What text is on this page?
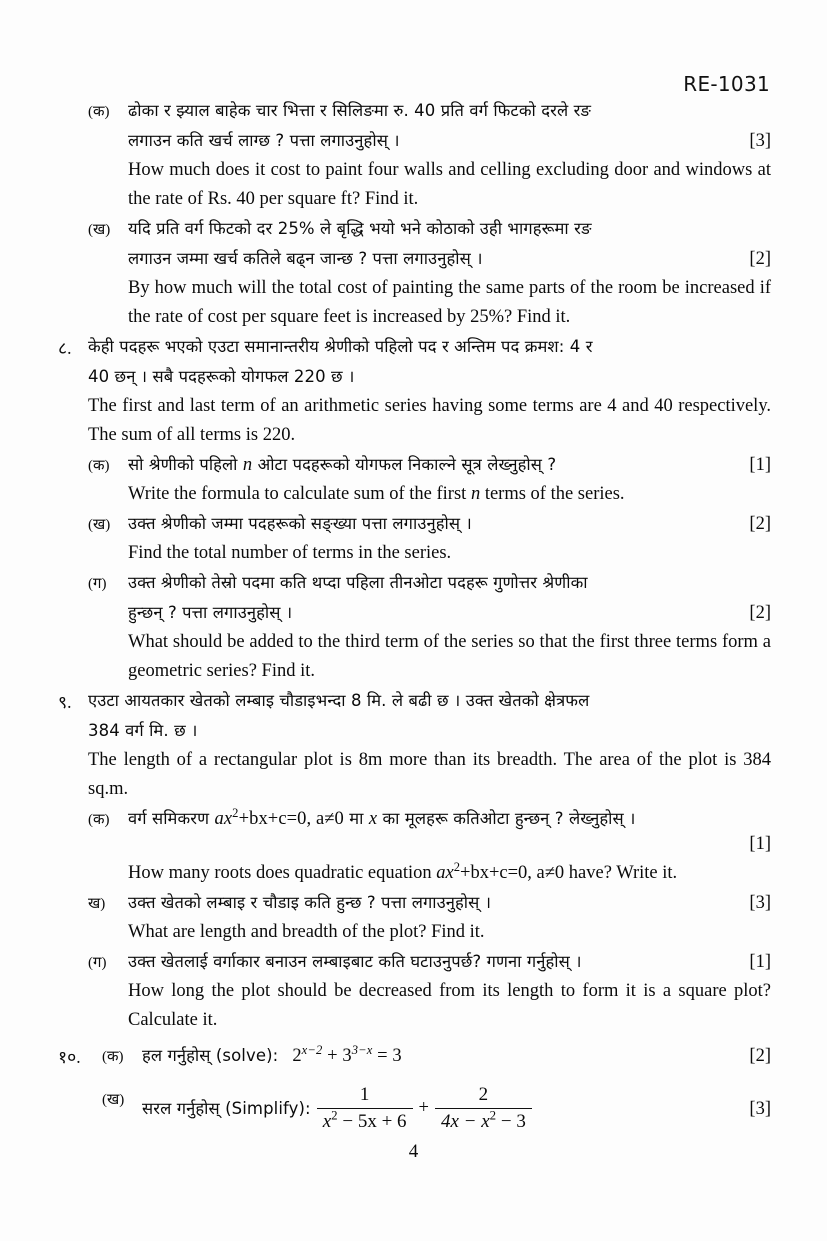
RE-1031
(क)	ढोका र झ्याल बाहेक चार भित्ता र सिलिङमा रु. 40 प्रति वर्ग फिटको दरले रङ
लगाउन कति खर्च लाग्छ ? पत्ता लगाउनुहोस् ।	[3]
How much does it cost to paint four walls and celling excluding door and windows at the rate of Rs. 40 per square ft? Find it.
(ख)	यदि प्रति वर्ग फिटको दर 25% ले बृद्धि भयो भने कोठाको उही भागहरूमा रङ
लगाउन जम्मा खर्च कतिले बढ्न जान्छ ? पत्ता लगाउनुहोस् ।	[2]
By how much will the total cost of painting the same parts of the room be increased if the rate of cost per square feet is increased by 25%? Find it.
८.	केही पदहरू भएको एउटा समानान्तरीय श्रेणीको पहिलो पद र अन्तिम पद क्रमश: 4 र
40 छन् । सबै पदहरूको योगफल 220 छ ।
The first and last term of an arithmetic series having some terms are 4 and 40 respectively. The sum of all terms is 220.
(क)	सो श्रेणीको पहिलो n ओटा पदहरूको योगफल निकाल्ने सूत्र लेख्नुहोस् ?	[1]
Write the formula to calculate sum of the first n terms of the series.
(ख)	उक्त श्रेणीको जम्मा पदहरूको सङ्ख्या पत्ता लगाउनुहोस् ।	[2]
Find the total number of terms in the series.
(ग)	उक्त श्रेणीको तेस्रो पदमा कति थप्दा पहिला तीनओटा पदहरू गुणोत्तर श्रेणीका
हुन्छन् ? पत्ता लगाउनुहोस् ।	[2]
What should be added to the third term of the series so that the first three terms form a geometric series? Find it.
९.	एउटा आयतकार खेतको लम्बाइ चौडाइभन्दा 8 मि. ले बढी छ । उक्त खेतको क्षेत्रफल
384 वर्ग मि. छ ।
The length of a rectangular plot is 8m more than its breadth. The area of the plot is 384 sq.m.
(क)	वर्ग समिकरण $ax^2+bx+c=0$, a≠0 मा x का मूलहरू कतिओटा हुन्छन् ? लेख्नुहोस् ।
[1]
How many roots does quadratic equation $ax^2+bx+c=0$, a≠0 have? Write it.
ख)	उक्त खेतको लम्बाइ र चौडाइ कति हुन्छ ? पत्ता लगाउनुहोस् ।	[3]
What are length and breadth of the plot? Find it.
(ग)	उक्त खेतलाई वर्गाकार बनाउन लम्बाइबाट कति घटाउनुपर्छ? गणना गर्नुहोस् ।	[1]
How long the plot should be decreased from its length to form it is a square plot? Calculate it.
१०.	(क)	हल गर्नुहोस् (solve): $2^{x-2} + 3^{3-x} = 3$	[2]
(ख)	सरल गर्नुहोस् (Simplify): $\frac{1}{x^2 - 5x + 6} + \frac{2}{4x - x^2 - 3}$	[3]
4
